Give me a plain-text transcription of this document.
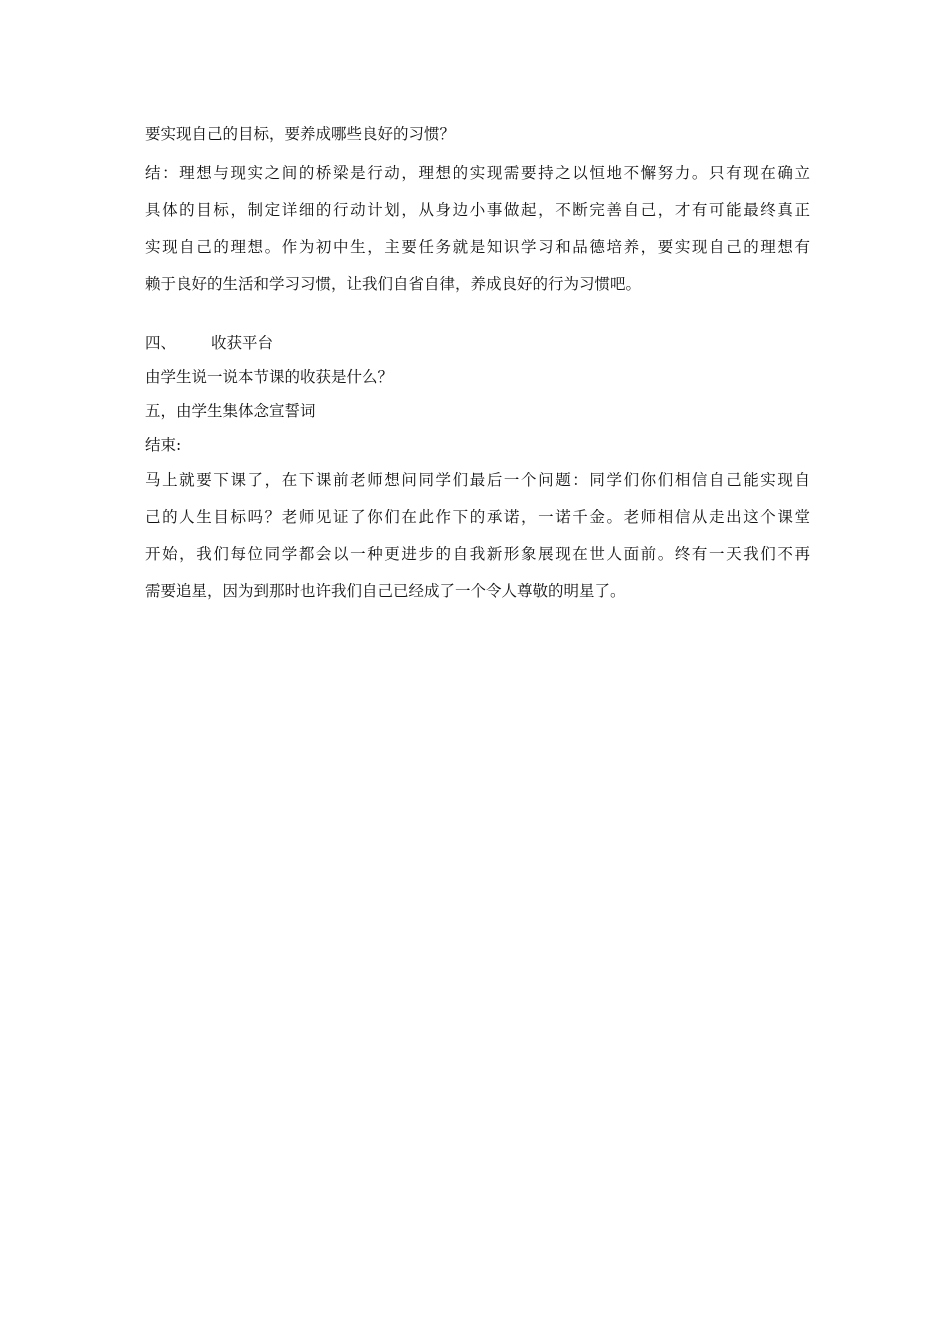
要实现自己的目标，要养成哪些良好的习惯？
结：理想与现实之间的桥梁是行动，理想的实现需要持之以恒地不懈努力。只有现在确立
具体的目标，制定详细的行动计划，从身边小事做起，不断完善自己，才有可能最终真正
实现自己的理想。作为初中生，主要任务就是知识学习和品德培养，要实现自己的理想有
赖于良好的生活和学习习惯，让我们自省自律，养成良好的行为习惯吧。
四、 收获平台
由学生说一说本节课的收获是什么？
五，由学生集体念宣誓词
结束:
马上就要下课了，在下课前老师想问同学们最后一个问题：同学们你们相信自己能实现自
己的人生目标吗？老师见证了你们在此作下的承诺，一诺千金。老师相信从走出这个课堂
开始，我们每位同学都会以一种更进步的自我新形象展现在世人面前。终有一天我们不再
需要追星，因为到那时也许我们自己已经成了一个令人尊敬的明星了。
